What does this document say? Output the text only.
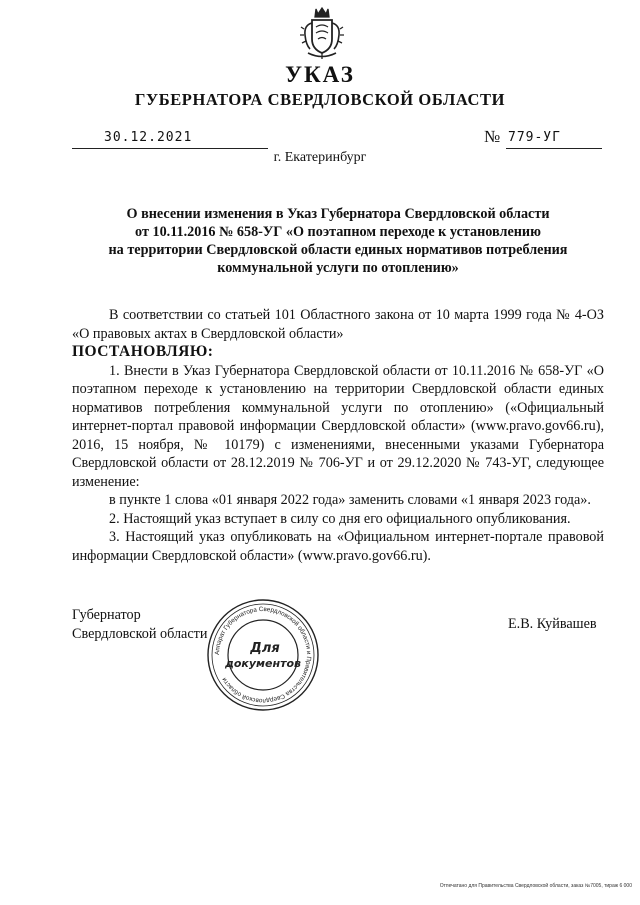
УКАЗ
ГУБЕРНАТОРА СВЕРДЛОВСКОЙ ОБЛАСТИ
30.12.2021	№ 779-УГ
г. Екатеринбург
О внесении изменения в Указ Губернатора Свердловской области
от 10.11.2016 № 658-УГ «О поэтапном переходе к установлению
на территории Свердловской области единых нормативов потребления
коммунальной услуги по отоплению»

В соответствии со статьей 101 Областного закона от 10 марта 1999 года № 4-ОЗ «О правовых актах в Свердловской области»

ПОСТАНОВЛЯЮ:

1. Внести в Указ Губернатора Свердловской области от 10.11.2016 № 658-УГ «О поэтапном переходе к установлению на территории Свердловской области единых нормативов потребления коммунальной услуги по отоплению» («Официальный интернет-портал правовой информации Свердловской области» (www.pravo.gov66.ru), 2016, 15 ноября, № 10179) с изменениями, внесенными указами Губернатора Свердловской области от 28.12.2019 № 706-УГ и от 29.12.2020 № 743-УГ, следующее изменение:

в пункте 1 слова «01 января 2022 года» заменить словами «1 января 2023 года».

2. Настоящий указ вступает в силу со дня его официального опубликования.

3. Настоящий указ опубликовать на «Официальном интернет-портале правовой информации Свердловской области» (www.pravo.gov66.ru).

Губернатор
Свердловской области
Е.В. Куйвашев
Аппарат Губернатора Свердловской области и Правительства Свердловской области
Для
документов
Отпечатано для Правительства Свердловской области, заказ №7005, тираж 6 000
